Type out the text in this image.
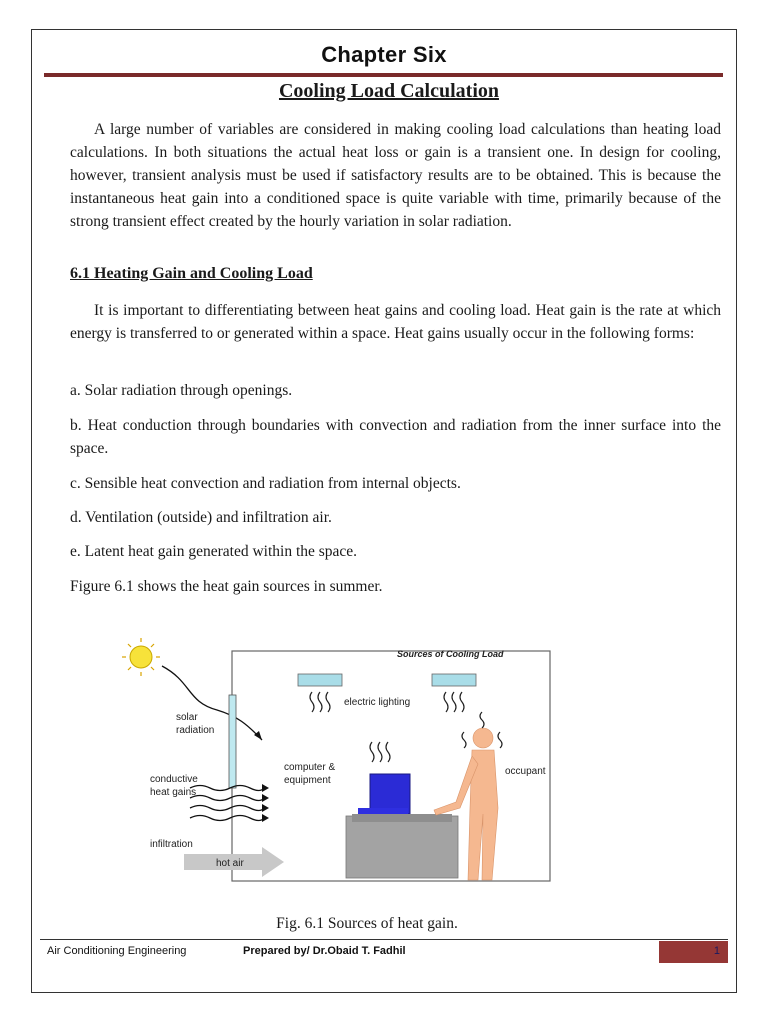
Chapter Six
Cooling Load Calculation

A large number of variables are considered in making cooling load calculations than heating load calculations. In both situations the actual heat loss or gain is a transient one. In design for cooling, however, transient analysis must be used if satisfactory results are to be obtained. This is because the instantaneous heat gain into a conditioned space is quite variable with time, primarily because of the strong transient effect created by the hourly variation in solar radiation.

6.1 Heating Gain and Cooling Load

It is important to differentiating between heat gains and cooling load. Heat gain is the rate at which energy is transferred to or generated within a space. Heat gains usually occur in the following forms:

a. Solar radiation through openings.

b. Heat conduction through boundaries with convection and radiation from the inner surface into the space.

c. Sensible heat convection and radiation from internal objects.

d. Ventilation (outside) and infiltration air.

e. Latent heat gain generated within the space.

Figure 6.1 shows the heat gain sources in summer.

Sources of Cooling Load
electric lighting
solar
radiation
conductive
heat gains
infiltration
hot air
computer &
equipment
occupant
Fig. 6.1 Sources of heat gain.
Air Conditioning Engineering	Prepared by/ Dr.Obaid T. Fadhil	1
